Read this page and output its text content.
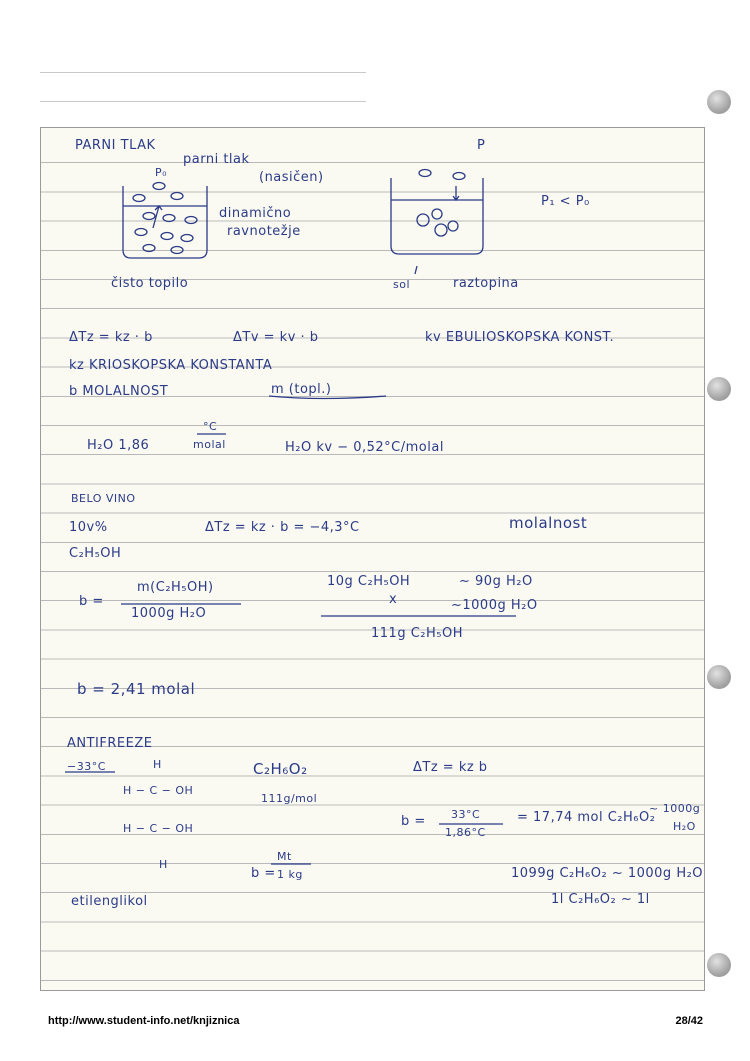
PARNI TLAK	P
P₀
parni tlak
(nasičen)
dinamično
ravnotežje
P₁ < P₀
čisto topilo	sol	raztopina
ΔTz = kz · b	ΔTv = kv · b	kv EBULIOSKOPSKA KONST.
kz KRIOSKOPSKA KONSTANTA
b MOLALNOST	m (topl.)
H₂O 1,86
°C
molal	H₂O kv − 0,52°C/molal
BELO VINO
10v%	ΔTz = kz · b = −4,3°C	molalnost
C₂H₅OH
b =
m(C₂H₅OH)
1000g H₂O
10g C₂H₅OH	~ 90g H₂O
x	~1000g H₂O
111g C₂H₅OH
b = 2,41 molal
ANTIFREEZE
−33°C	H
H − C − OH
H − C − OH
H
C₂H₆O₂
111g/mol
b =
Mt
1 kg
ΔTz = kz b
b = 33°C
1,86°C
= 17,74 mol C₂H₆O₂
~ 1000g
H₂O
1099g C₂H₆O₂ ~ 1000g H₂O
1l C₂H₆O₂ ~ 1l
etilenglikol
http://www.student-info.net/knjiznica	28/42
